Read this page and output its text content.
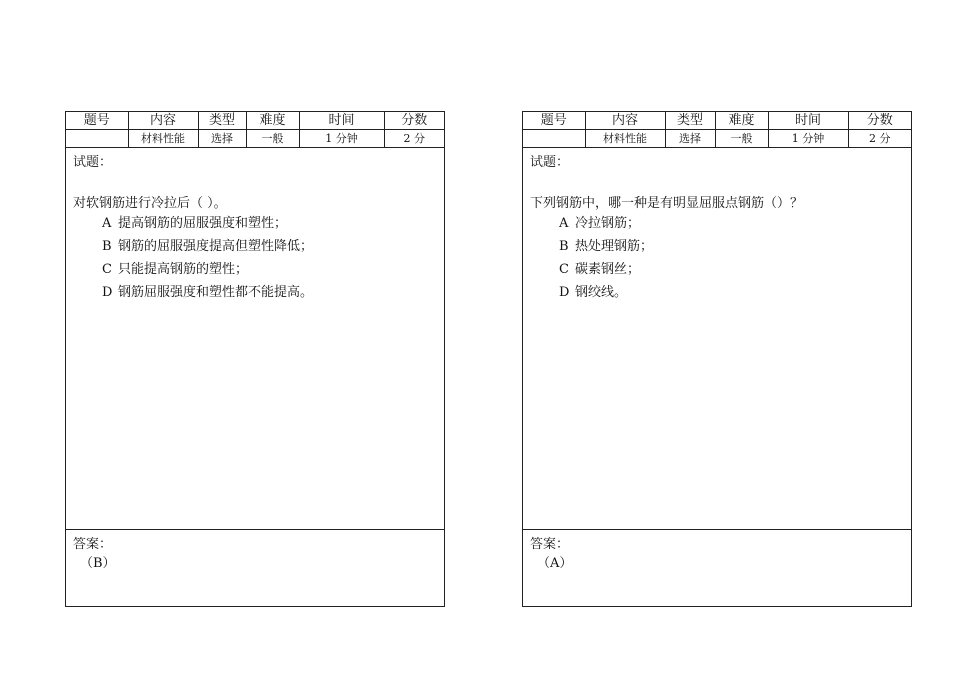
题号	内容	类型	难度	时间	分数
	材料性能	选择	一般	1 分钟	2 分
试题：
对软钢筋进行冷拉后（ ）。
A 提高钢筋的屈服强度和塑性；
B 钢筋的屈服强度提高但塑性降低；
C 只能提高钢筋的塑性；
D 钢筋屈服强度和塑性都不能提高。
答案：
（B）
题号	内容	类型	难度	时间	分数
	材料性能	选择	一般	1 分钟	2 分
试题：
下列钢筋中，哪一种是有明显屈服点钢筋（）？
A 冷拉钢筋；
B 热处理钢筋；
C 碳素钢丝；
D 钢绞线。
答案：
（A）
